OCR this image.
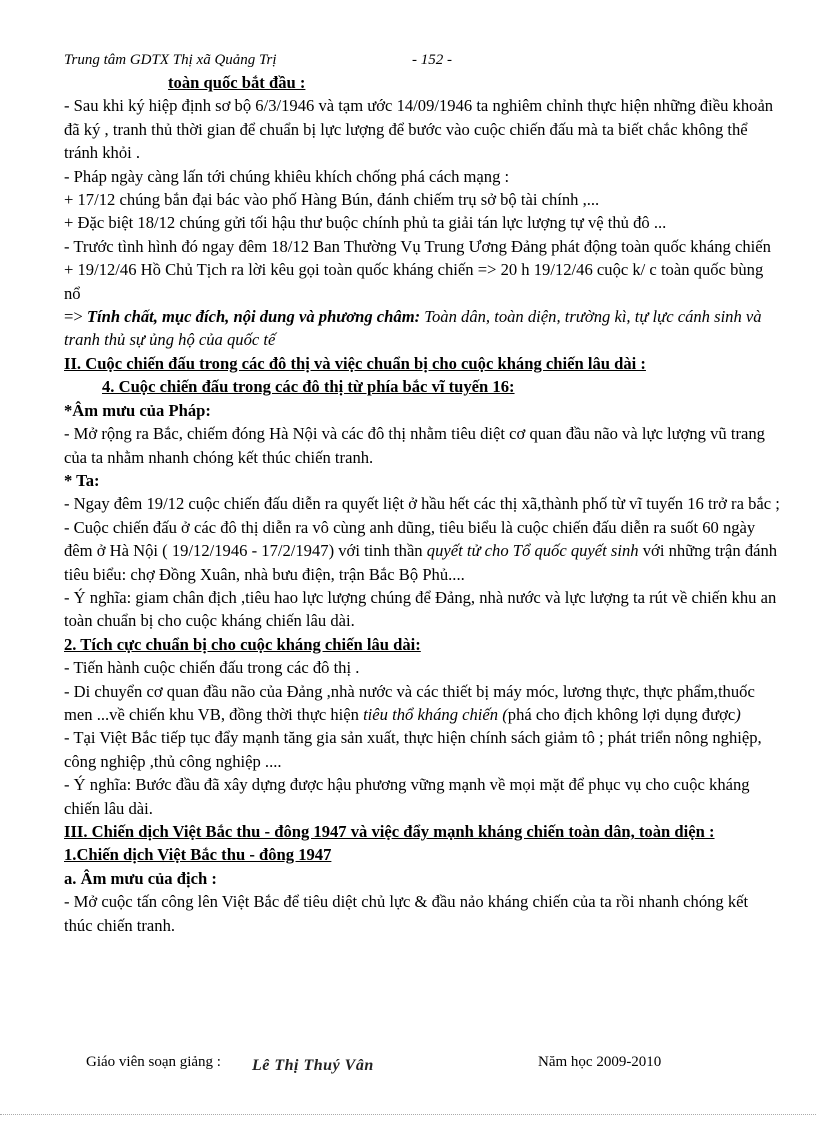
Trung tâm GDTX Thị xã Quảng Trị	- 152 -

toàn quốc bắt đầu :

- Sau khi ký hiệp định sơ bộ 6/3/1946 và tạm ước 14/09/1946 ta nghiêm chỉnh thực hiện những điều khoản đã ký , tranh thủ thời gian để chuẩn bị lực lượng để bước vào cuộc chiến đấu mà ta biết chắc không thể tránh khỏi .

- Pháp ngày càng lấn tới chúng khiêu khích chống phá cách mạng :

+ 17/12 chúng bắn đại bác vào phố Hàng Bún, đánh chiếm trụ sở bộ tài chính ,...

+ Đặc biệt 18/12 chúng gửi tối hậu thư buộc chính phủ ta giải tán lực lượng tự vệ thủ đô ...

- Trước tình hình đó ngay đêm 18/12 Ban Thường Vụ Trung Ương Đảng phát động toàn quốc kháng chiến

+ 19/12/46 Hồ Chủ Tịch ra lời kêu gọi toàn quốc kháng chiến => 20 h 19/12/46 cuộc k/ c toàn quốc bùng nổ

=> Tính chất, mục đích, nội dung và phương châm: Toàn dân, toàn diện, trường kì, tự lực cánh sinh và tranh thủ sự ủng hộ của quốc tế

II. Cuộc chiến đấu trong các đô thị và việc chuẩn bị cho cuộc kháng chiến lâu dài :

4. Cuộc chiến đấu trong các đô thị từ phía bắc vĩ tuyến 16:

*Âm mưu của Pháp:

- Mở rộng ra Bắc, chiếm đóng Hà Nội và các đô thị nhằm tiêu diệt cơ quan đầu não và lực lượng vũ trang của ta nhằm nhanh chóng kết thúc chiến tranh.

* Ta:

- Ngay đêm 19/12 cuộc chiến đấu diễn ra quyết liệt ở hầu hết các thị xã,thành phố từ vĩ tuyến 16 trở ra bắc ;

- Cuộc chiến đấu ở các đô thị diễn ra vô cùng anh dũng, tiêu biểu là cuộc chiến đấu diễn ra suốt 60 ngày đêm ở Hà Nội ( 19/12/1946 - 17/2/1947) với tinh thần quyết tử cho Tổ quốc quyết sinh với những trận đánh tiêu biểu: chợ Đồng Xuân, nhà bưu điện, trận Bắc Bộ Phủ....

- Ý nghĩa: giam chân địch ,tiêu hao lực lượng chúng để Đảng, nhà nước và lực lượng ta rút về chiến khu an toàn chuẩn bị cho cuộc kháng chiến lâu dài.

2. Tích cực chuẩn bị cho cuộc kháng chiến lâu dài:

- Tiến hành cuộc chiến đấu trong các đô thị .

- Di chuyển cơ quan đầu não của Đảng ,nhà nước và các thiết bị máy móc, lương thực, thực phẩm,thuốc men ...về chiến khu VB, đồng thời thực hiện tiêu thổ kháng chiến (phá cho địch không lợi dụng được)

- Tại Việt Bắc tiếp tục đẩy mạnh tăng gia sản xuất, thực hiện chính sách giảm tô ; phát triển nông nghiệp, công nghiệp ,thủ công nghiệp ....

- Ý nghĩa: Bước đầu đã xây dựng được hậu phương vững mạnh về mọi mặt để phục vụ cho cuộc kháng chiến lâu dài.

III. Chiến dịch Việt Bắc thu - đông 1947 và việc đẩy mạnh kháng chiến toàn dân, toàn diện :

1.Chiến dịch Việt Bắc thu - đông 1947

a. Âm mưu của địch :

- Mở cuộc tấn công lên Việt Bắc để tiêu diệt chủ lực & đầu nảo kháng chiến của ta rồi nhanh chóng kết thúc chiến tranh.

Giáo viên soạn giảng : Lê Thị Thuý Vân	Năm học 2009-2010
